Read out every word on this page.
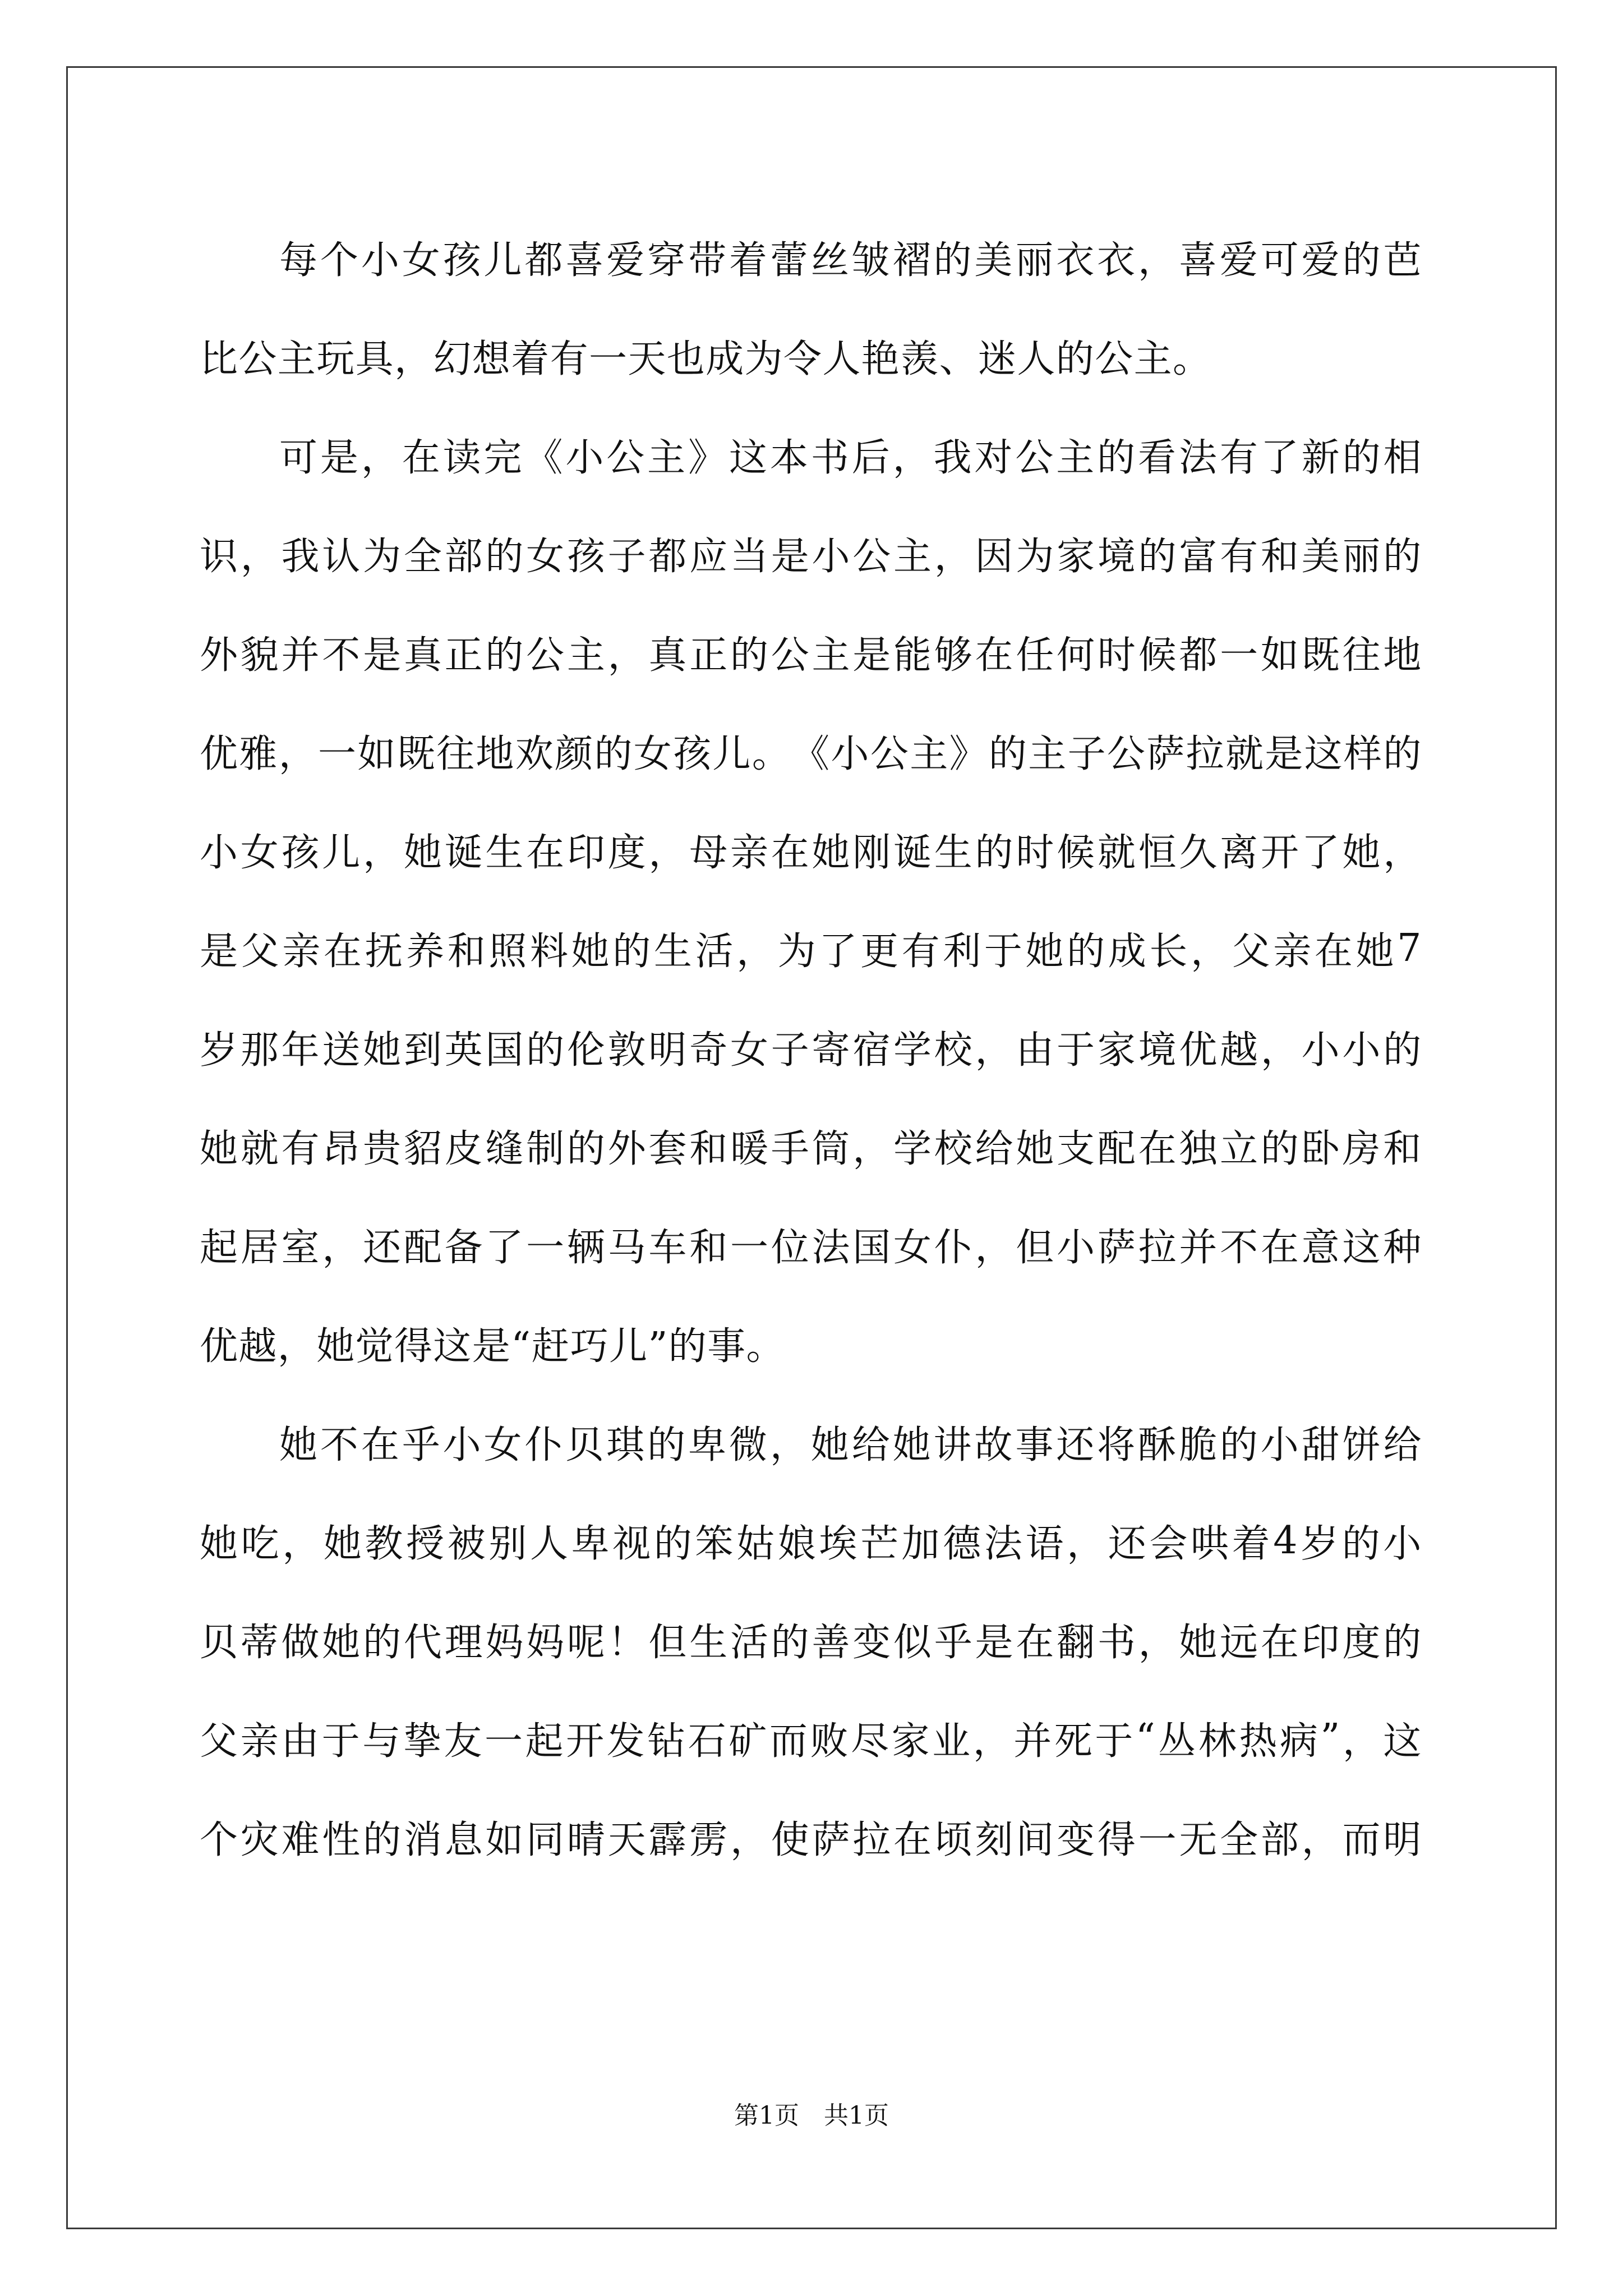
每 个 小 女 孩 儿 都 喜 爱 穿 带 着 蕾 丝 皱 褶 的 美 丽 衣 衣 ， 喜 爱 可 爱 的 芭
比公主玩具，幻想着有一天也成为令人艳羡、迷人的公主。
可 是 ， 在 读 完 《 小 公 主 》 这 本 书 后 ， 我 对 公 主 的 看 法 有 了 新 的 相
识 ， 我 认 为 全 部 的 女 孩 子 都 应 当 是 小 公 主 ， 因 为 家 境 的 富 有 和 美 丽 的
外 貌 并 不 是 真 正 的 公 主 ， 真 正 的 公 主 是 能 够 在 任 何 时 候 都 一 如 既 往 地
优 雅 ， 一 如 既 往 地 欢 颜 的 女 孩 儿 。 《 小 公 主 》 的 主 子 公 萨 拉 就 是 这 样 的
小 女 孩 儿 ， 她 诞 生 在 印 度 ， 母 亲 在 她 刚 诞 生 的 时 候 就 恒 久 离 开 了 她 ，
是 父 亲 在 抚 养 和 照 料 她 的 生 活 ， 为 了 更 有 利 于 她 的 成 长 ， 父 亲 在 她 7
岁 那 年 送 她 到 英 国 的 伦 敦 明 奇 女 子 寄 宿 学 校 ， 由 于 家 境 优 越 ， 小 小 的
她 就 有 昂 贵 貂 皮 缝 制 的 外 套 和 暖 手 筒 ， 学 校 给 她 支 配 在 独 立 的 卧 房 和
起 居 室 ， 还 配 备 了 一 辆 马 车 和 一 位 法 国 女 仆 ， 但 小 萨 拉 并 不 在 意 这 种
优越，她觉得这是“赶巧儿”的事。
她 不 在 乎 小 女 仆 贝 琪 的 卑 微 ， 她 给 她 讲 故 事 还 将 酥 脆 的 小 甜 饼 给
她 吃 ， 她 教 授 被 别 人 卑 视 的 笨 姑 娘 埃 芒 加 德 法 语 ， 还 会 哄 着 4 岁 的 小
贝 蒂 做 她 的 代 理 妈 妈 呢 ！ 但 生 活 的 善 变 似 乎 是 在 翻 书 ， 她 远 在 印 度 的
父 亲 由 于 与 挚 友 一 起 开 发 钻 石 矿 而 败 尽 家 业 ， 并 死 于 “ 丛 林 热 病 ” ， 这
个 灾 难 性 的 消 息 如 同 晴 天 霹 雳 ， 使 萨 拉 在 顷 刻 间 变 得 一 无 全 部 ， 而 明
第1页　共1页
